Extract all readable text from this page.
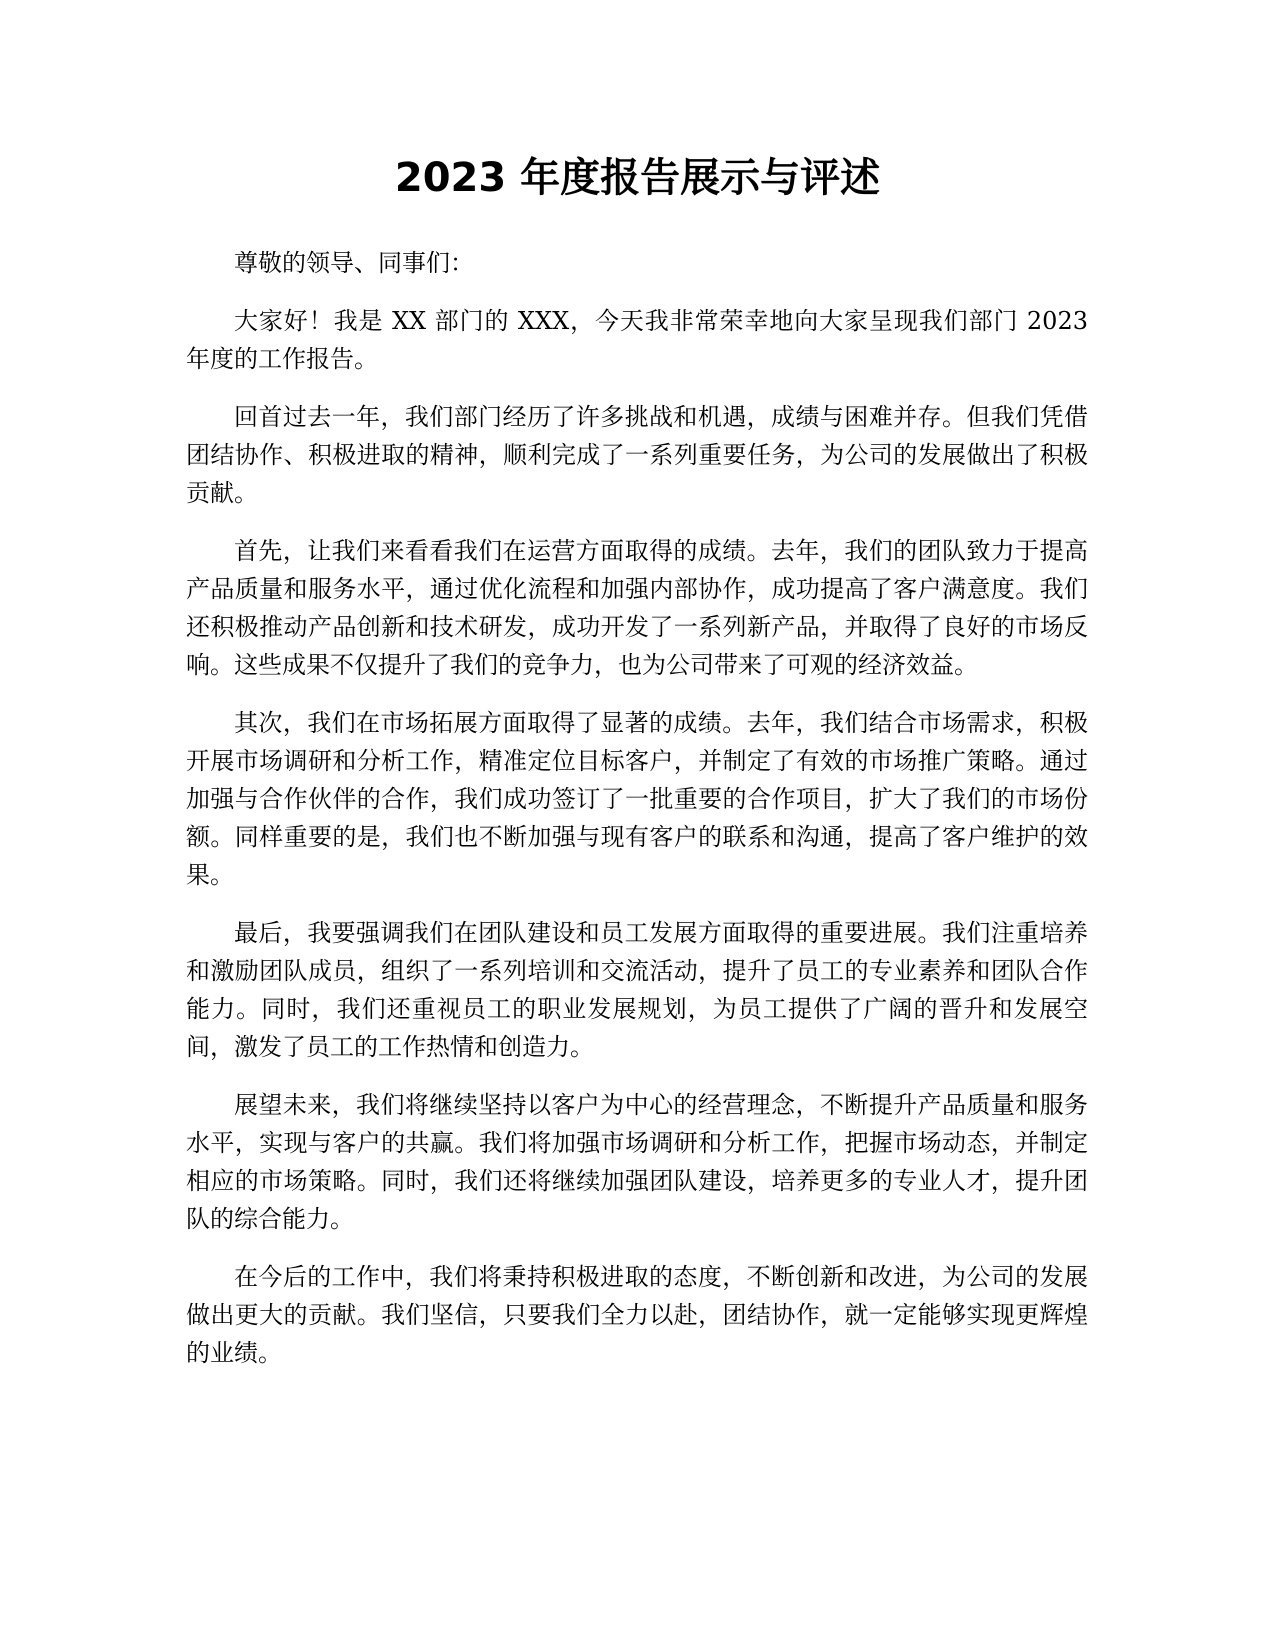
2023 年度报告展示与评述

尊敬的领导、同事们：

大家好！我是 XX 部门的 XXX，今天我非常荣幸地向大家呈现我们部门 2023 年度的工作报告。

回首过去一年，我们部门经历了许多挑战和机遇，成绩与困难并存。但我们凭借团结协作、积极进取的精神，顺利完成了一系列重要任务，为公司的发展做出了积极贡献。

首先，让我们来看看我们在运营方面取得的成绩。去年，我们的团队致力于提高产品质量和服务水平，通过优化流程和加强内部协作，成功提高了客户满意度。我们还积极推动产品创新和技术研发，成功开发了一系列新产品，并取得了良好的市场反响。这些成果不仅提升了我们的竞争力，也为公司带来了可观的经济效益。

其次，我们在市场拓展方面取得了显著的成绩。去年，我们结合市场需求，积极开展市场调研和分析工作，精准定位目标客户，并制定了有效的市场推广策略。通过加强与合作伙伴的合作，我们成功签订了一批重要的合作项目，扩大了我们的市场份额。同样重要的是，我们也不断加强与现有客户的联系和沟通，提高了客户维护的效果。

最后，我要强调我们在团队建设和员工发展方面取得的重要进展。我们注重培养和激励团队成员，组织了一系列培训和交流活动，提升了员工的专业素养和团队合作能力。同时，我们还重视员工的职业发展规划，为员工提供了广阔的晋升和发展空间，激发了员工的工作热情和创造力。

展望未来，我们将继续坚持以客户为中心的经营理念，不断提升产品质量和服务水平，实现与客户的共赢。我们将加强市场调研和分析工作，把握市场动态，并制定相应的市场策略。同时，我们还将继续加强团队建设，培养更多的专业人才，提升团队的综合能力。

在今后的工作中，我们将秉持积极进取的态度，不断创新和改进，为公司的发展做出更大的贡献。我们坚信，只要我们全力以赴，团结协作，就一定能够实现更辉煌的业绩。
